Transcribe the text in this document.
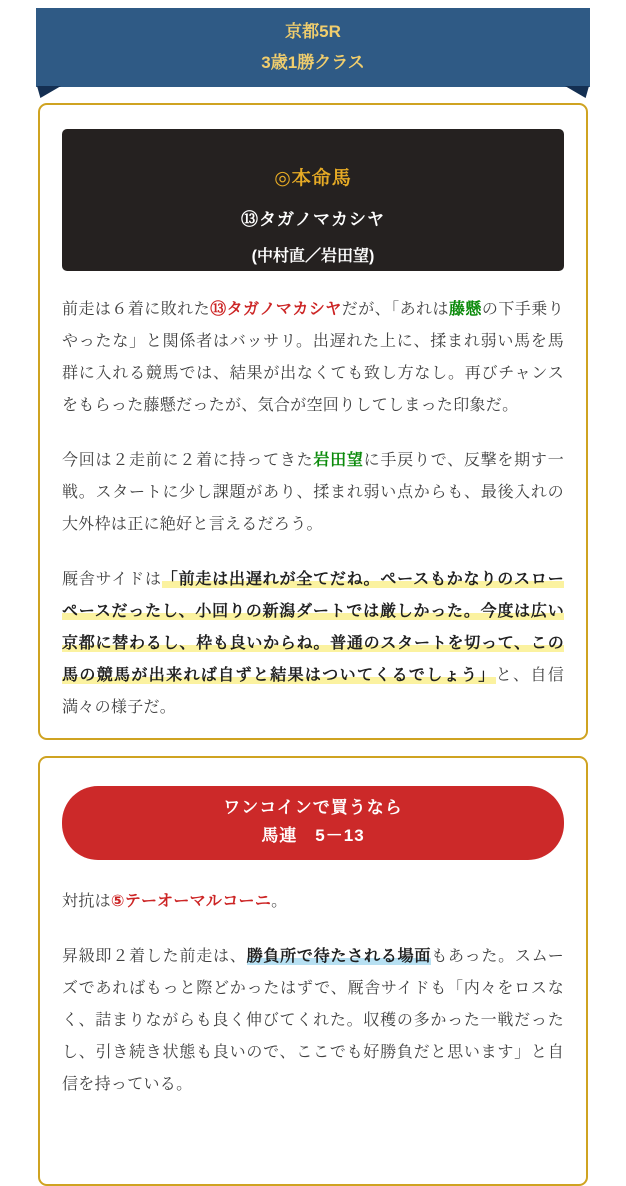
京都5R
3歳1勝クラス
◎本命馬
⑬タガノマカシヤ
(中村直／岩田望)

前走は６着に敗れた⑬タガノマカシヤだが、「あれは藤懸の下手乗りやったな」と関係者はバッサリ。出遅れた上に、揉まれ弱い馬を馬群に入れる競馬では、結果が出なくても致し方なし。再びチャンスをもらった藤懸だったが、気合が空回りしてしまった印象だ。

今回は２走前に２着に持ってきた岩田望に手戻りで、反撃を期す一戦。スタートに少し課題があり、揉まれ弱い点からも、最後入れの大外枠は正に絶好と言えるだろう。

厩舎サイドは「前走は出遅れが全てだね。ペースもかなりのスローペースだったし、小回りの新潟ダートでは厳しかった。今度は広い京都に替わるし、枠も良いからね。普通のスタートを切って、この馬の競馬が出来れば自ずと結果はついてくるでしょう」と、自信満々の様子だ。

ワンコインで買うなら
馬連　5－13

対抗は⑤テーオーマルコーニ。

昇級即２着した前走は、勝負所で待たされる場面もあった。スムーズであればもっと際どかったはずで、厩舎サイドも「内々をロスなく、詰まりながらも良く伸びてくれた。収穫の多かった一戦だったし、引き続き状態も良いので、ここでも好勝負だと思います」と自信を持っている。
